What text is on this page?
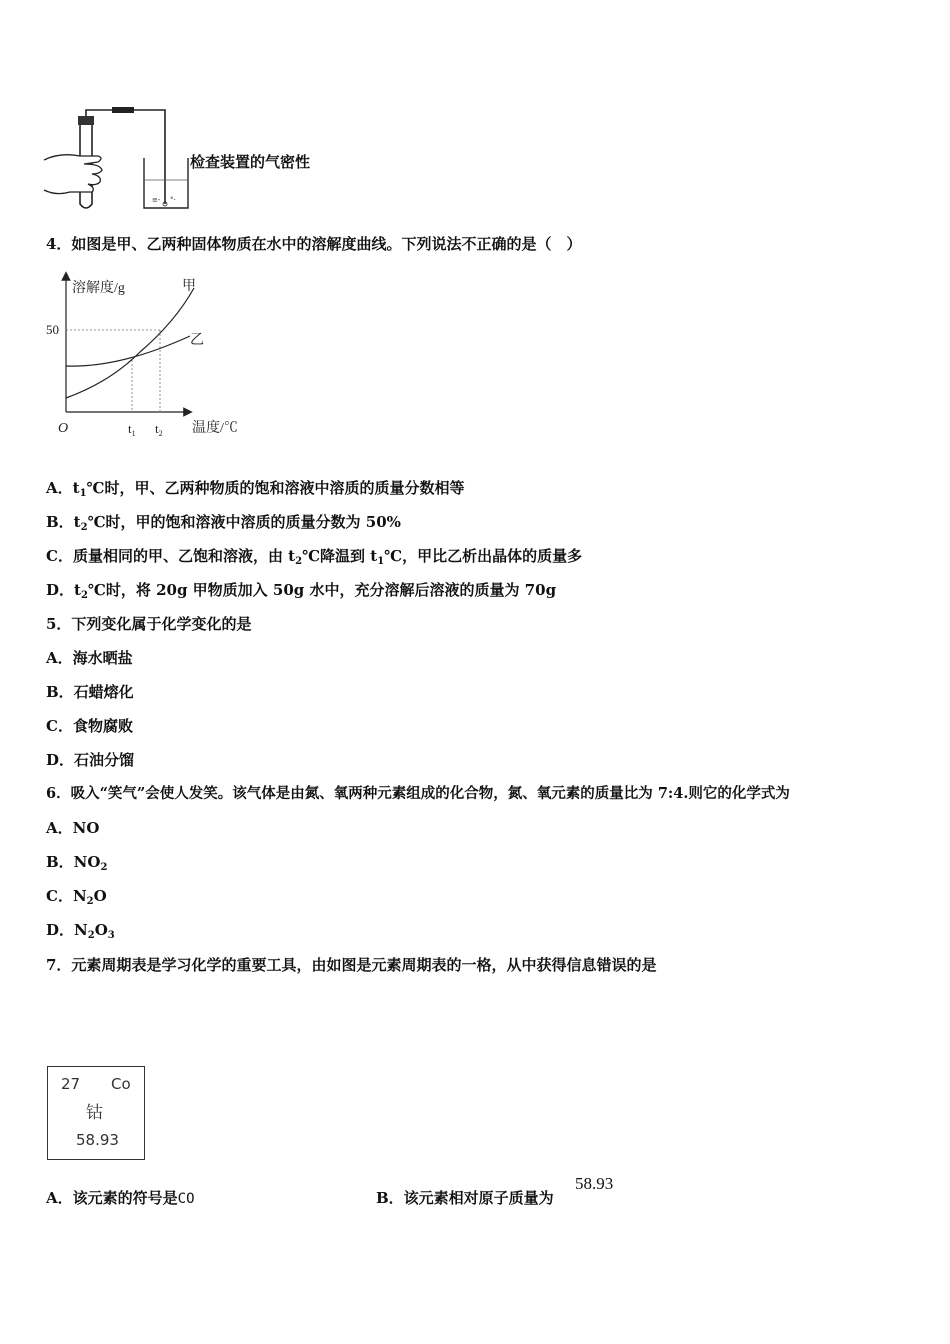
≡- °·
检查装置的气密性
4．如图是甲、乙两种固体物质在水中的溶解度曲线。下列说法不正确的是（　）
溶解度/g
O
50
$t_1$ $t_2$ 温度/℃
甲
乙
A．$t_1℃$时，甲、乙两种物质的饱和溶液中溶质的质量分数相等
B．$t_2℃$时，甲的饱和溶液中溶质的质量分数为 50%
C．质量相同的甲、乙饱和溶液，由 $t_2℃$降温到 $t_1℃$，甲比乙析出晶体的质量多
D．$t_2℃$时，将 20g 甲物质加入 50g 水中，充分溶解后溶液的质量为 70g
5．下列变化属于化学变化的是
A．海水晒盐
B．石蜡熔化
C．食物腐败
D．石油分馏
6．吸入“笑气”会使人发笑。该气体是由氮、氧两种元素组成的化合物，氮、氧元素的质量比为 7:4.则它的化学式为
A．NO
B．$NO_2$
C．$N_2O$
D．$N_2O_3$
7．元素周期表是学习化学的重要工具，由如图是元素周期表的一格，从中获得信息错误的是
27 Co
钴
58.93
A．该元素的符号是CO	B．该元素相对原子质量为
58.93
